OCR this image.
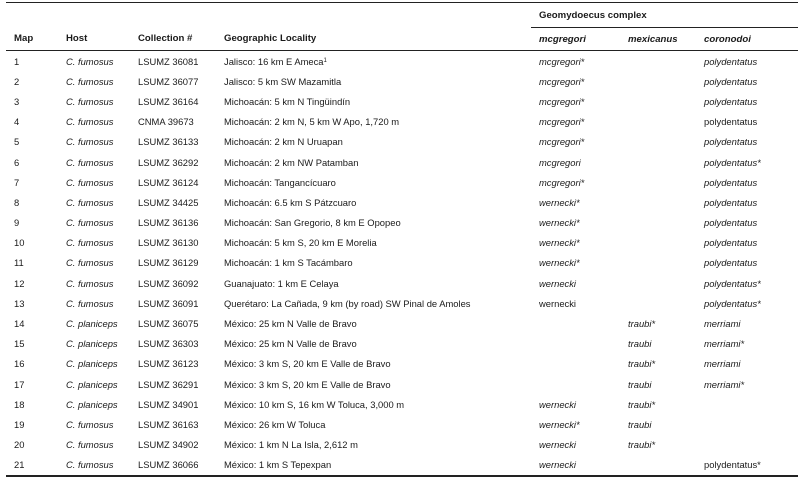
				Geomydoecus complex		
Map	Host	Collection #	Geographic Locality	mcgregori	mexicanus	coronodoi
1	C. fumosus	LSUMZ 36081	Jalisco: 16 km E Ameca$^1$	mcgregori*		polydentatus
2	C. fumosus	LSUMZ 36077	Jalisco: 5 km SW Mazamitla	mcgregori*		polydentatus
3	C. fumosus	LSUMZ 36164	Michoacán: 5 km N Tingüindín	mcgregori*		polydentatus
4	C. fumosus	CNMA 39673	Michoacán: 2 km N, 5 km W Apo, 1,720 m	mcgregori*		polydentatus
5	C. fumosus	LSUMZ 36133	Michoacán: 2 km N Uruapan	mcgregori*		polydentatus
6	C. fumosus	LSUMZ 36292	Michoacán: 2 km NW Patamban	mcgregori		polydentatus*
7	C. fumosus	LSUMZ 36124	Michoacán: Tangancícuaro	mcgregori*		polydentatus
8	C. fumosus	LSUMZ 34425	Michoacán: 6.5 km S Pátzcuaro	wernecki*		polydentatus
9	C. fumosus	LSUMZ 36136	Michoacán: San Gregorio, 8 km E Opopeo	wernecki*		polydentatus
10	C. fumosus	LSUMZ 36130	Michoacán: 5 km S, 20 km E Morelia	wernecki*		polydentatus
11	C. fumosus	LSUMZ 36129	Michoacán: 1 km S Tacámbaro	wernecki*		polydentatus
12	C. fumosus	LSUMZ 36092	Guanajuato: 1 km E Celaya	wernecki		polydentatus*
13	C. fumosus	LSUMZ 36091	Querétaro: La Cañada, 9 km (by road) SW Pinal de Amoles	wernecki		polydentatus*
14	C. planiceps	LSUMZ 36075	México: 25 km N Valle de Bravo		traubi*	merriami
15	C. planiceps	LSUMZ 36303	México: 25 km N Valle de Bravo		traubi	merriami*
16	C. planiceps	LSUMZ 36123	México: 3 km S, 20 km E Valle de Bravo		traubi*	merriami
17	C. planiceps	LSUMZ 36291	México: 3 km S, 20 km E Valle de Bravo		traubi	merriami*
18	C. planiceps	LSUMZ 34901	México: 10 km S, 16 km W Toluca, 3,000 m	wernecki	traubi*	
19	C. fumosus	LSUMZ 36163	México: 26 km W Toluca	wernecki*	traubi	
20	C. fumosus	LSUMZ 34902	México: 1 km N La Isla, 2,612 m	wernecki	traubi*	
21	C. fumosus	LSUMZ 36066	México: 1 km S Tepexpan	wernecki		polydentatus*
